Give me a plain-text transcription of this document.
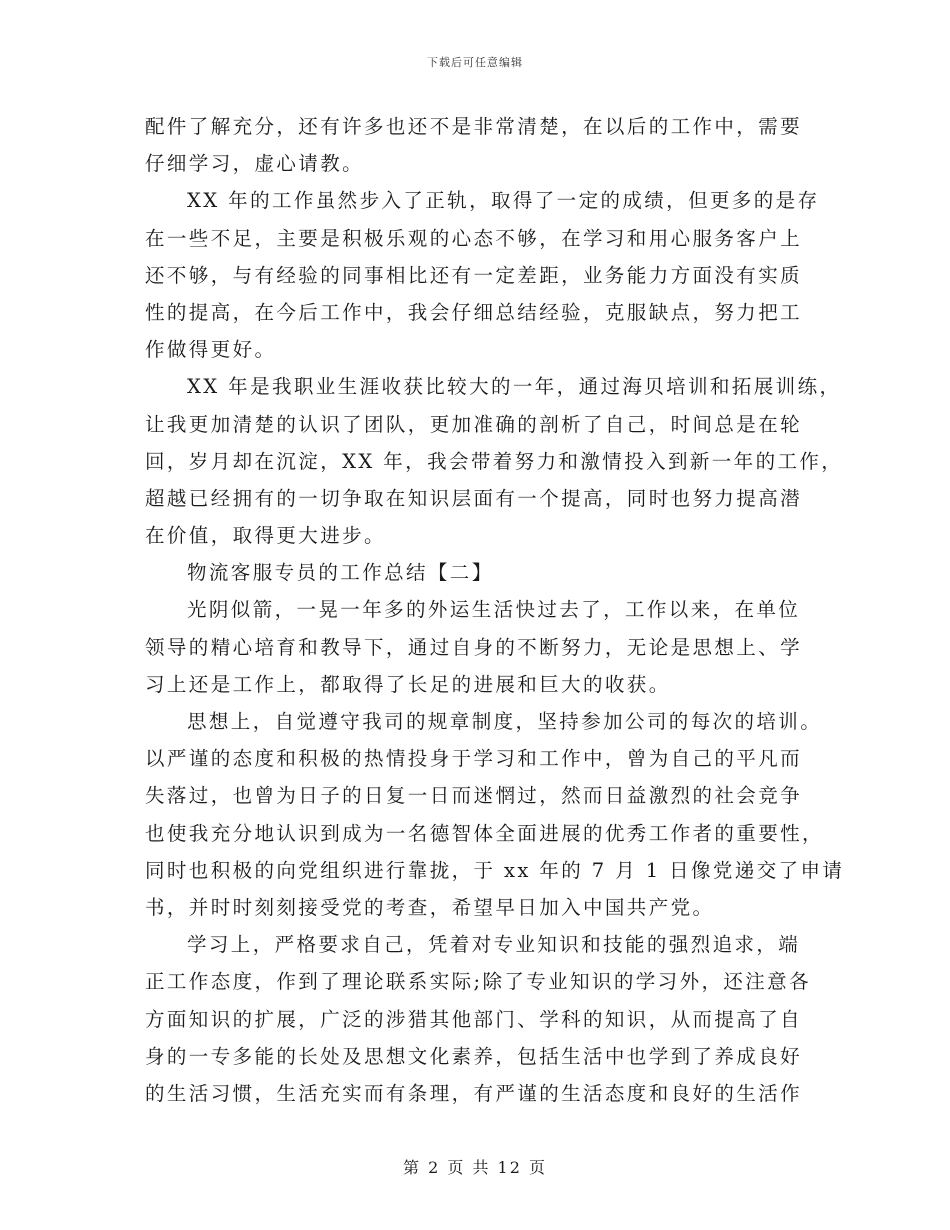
下载后可任意编辑
配件了解充分，还有许多也还不是非常清楚，在以后的工作中，需要
仔细学习，虚心请教。
XX 年的工作虽然步入了正轨，取得了一定的成绩，但更多的是存
在一些不足，主要是积极乐观的心态不够，在学习和用心服务客户上
还不够，与有经验的同事相比还有一定差距，业务能力方面没有实质
性的提高，在今后工作中，我会仔细总结经验，克服缺点，努力把工
作做得更好。
XX 年是我职业生涯收获比较大的一年，通过海贝培训和拓展训练，
让我更加清楚的认识了团队，更加准确的剖析了自己，时间总是在轮
回，岁月却在沉淀，XX 年，我会带着努力和激情投入到新一年的工作，
超越已经拥有的一切争取在知识层面有一个提高，同时也努力提高潜
在价值，取得更大进步。
物流客服专员的工作总结【二】
光阴似箭，一晃一年多的外运生活快过去了，工作以来，在单位
领导的精心培育和教导下，通过自身的不断努力，无论是思想上、学
习上还是工作上，都取得了长足的进展和巨大的收获。
思想上，自觉遵守我司的规章制度，坚持参加公司的每次的培训。
以严谨的态度和积极的热情投身于学习和工作中，曾为自己的平凡而
失落过，也曾为日子的日复一日而迷惘过，然而日益激烈的社会竞争
也使我充分地认识到成为一名德智体全面进展的优秀工作者的重要性，
同时也积极的向党组织进行靠拢，于 xx 年的 7 月 1 日像党递交了申请
书，并时时刻刻接受党的考查，希望早日加入中国共产党。
学习上，严格要求自己，凭着对专业知识和技能的强烈追求，端
正工作态度，作到了理论联系实际;除了专业知识的学习外，还注意各
方面知识的扩展，广泛的涉猎其他部门、学科的知识，从而提高了自
身的一专多能的长处及思想文化素养，包括生活中也学到了养成良好
的生活习惯，生活充实而有条理，有严谨的生活态度和良好的生活作
第 2 页 共 12 页
